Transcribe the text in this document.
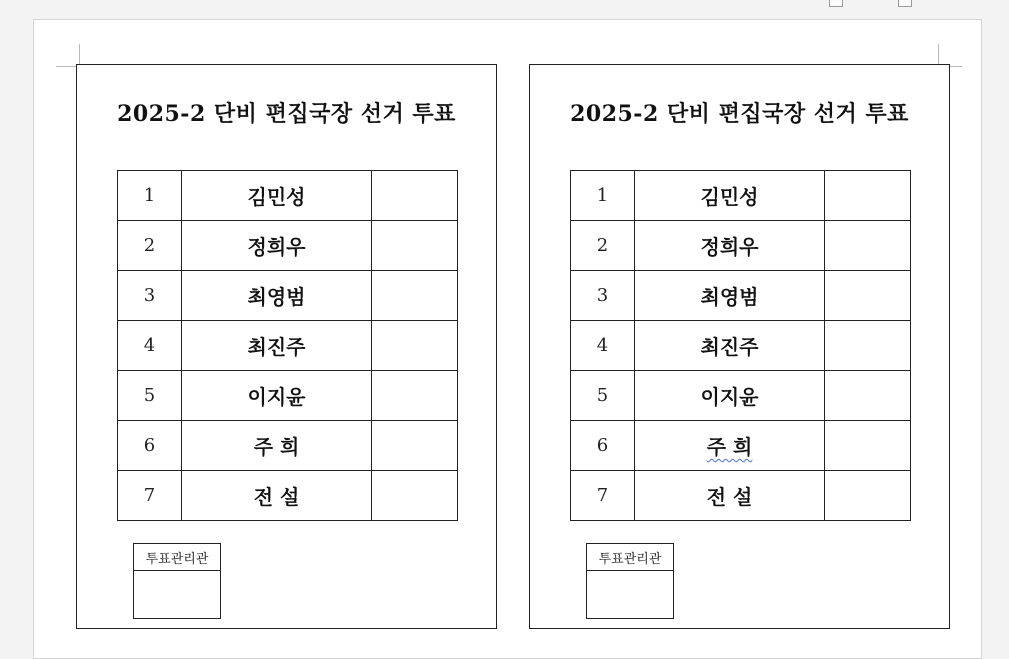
2025-2 단비 편집국장 선거 투표
1	김민성	
2	정희우	
3	최영범	
4	최진주	
5	이지윤	
6	주 희	
7	전 설	
투표관리관

2025-2 단비 편집국장 선거 투표
1	김민성	
2	정희우	
3	최영범	
4	최진주	
5	이지윤	
6	주 희	
7	전 설	
투표관리관
